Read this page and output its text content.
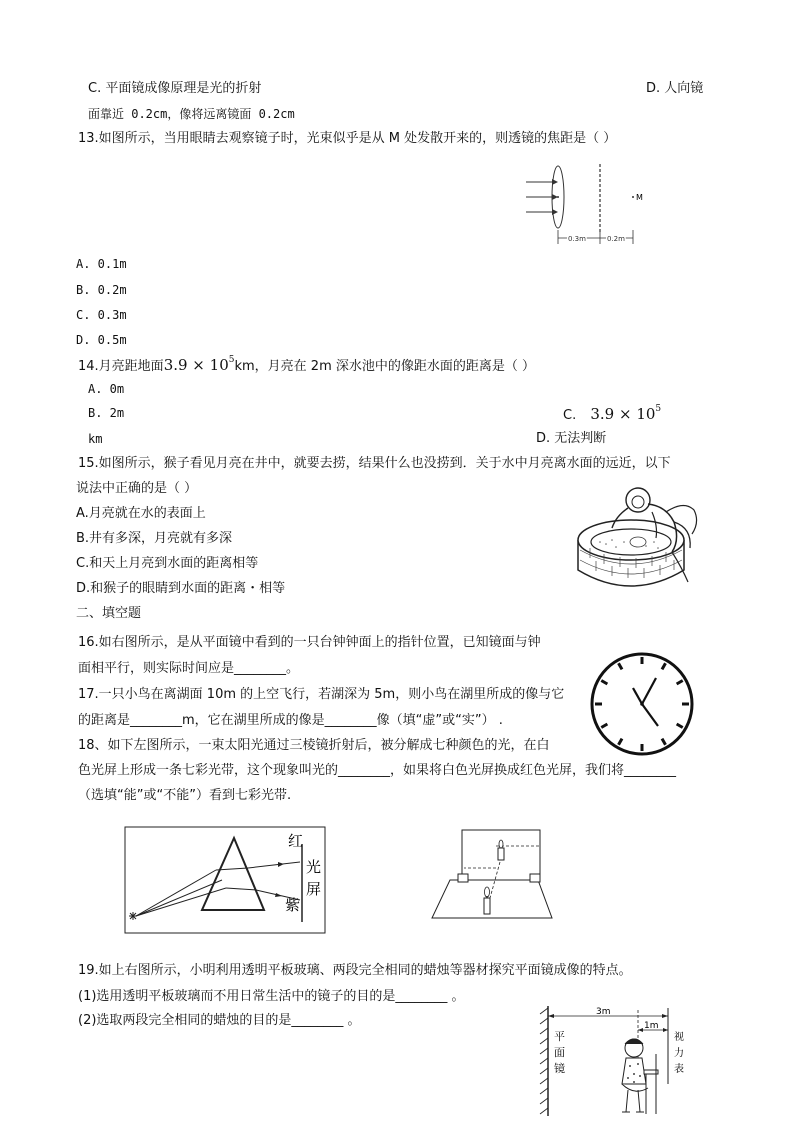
C. 平面镜成像原理是光的折射	D. 人向镜
面靠近 0.2cm，像将远离镜面 0.2cm
13.如图所示，当用眼睛去观察镜子时，光束似乎是从 M 处发散开来的，则透镜的焦距是（ ）
M
0.3m	0.2m
A. 0.1m
B. 0.2m
C. 0.3m
D. 0.5m
14.月亮距地面$3.9 \times 10^5km$，月亮在 2m 深水池中的像距水面的距离是（ ）
A. 0m
B. 2m	C. $3.9 \times 10^5$
km	D. 无法判断
15.如图所示，猴子看见月亮在井中，就要去捞，结果什么也没捞到．关于水中月亮离水面的远近，以下
说法中正确的是（ ）
A.月亮就在水的表面上
B.井有多深，月亮就有多深
C.和天上月亮到水面的距离相等
D.和猴子的眼睛到水面的距离・相等
二、填空题
16.如右图所示，是从平面镜中看到的一只台钟钟面上的指针位置，已知镜面与钟
面相平行，则实际时间应是________。
17.一只小鸟在离湖面 10m 的上空飞行，若湖深为 5m，则小鸟在湖里所成的像与它
的距离是________m，它在湖里所成的像是________像（填“虚”或“实”） .
18、如下左图所示，一束太阳光通过三棱镜折射后，被分解成七种颜色的光，在白
色光屏上形成一条七彩光带，这个现象叫光的________，如果将白色光屏换成红色光屏，我们将________
（选填“能”或“不能”）看到七彩光带.
红
光
屏
紫
19.如上右图所示，小明利用透明平板玻璃、两段完全相同的蜡烛等器材探究平面镜成像的特点。
(1)选用透明平板玻璃而不用日常生活中的镜子的目的是________ 。
(2)选取两段完全相同的蜡烛的目的是________ 。
平
面
镜
3m
1m
视
力
表
